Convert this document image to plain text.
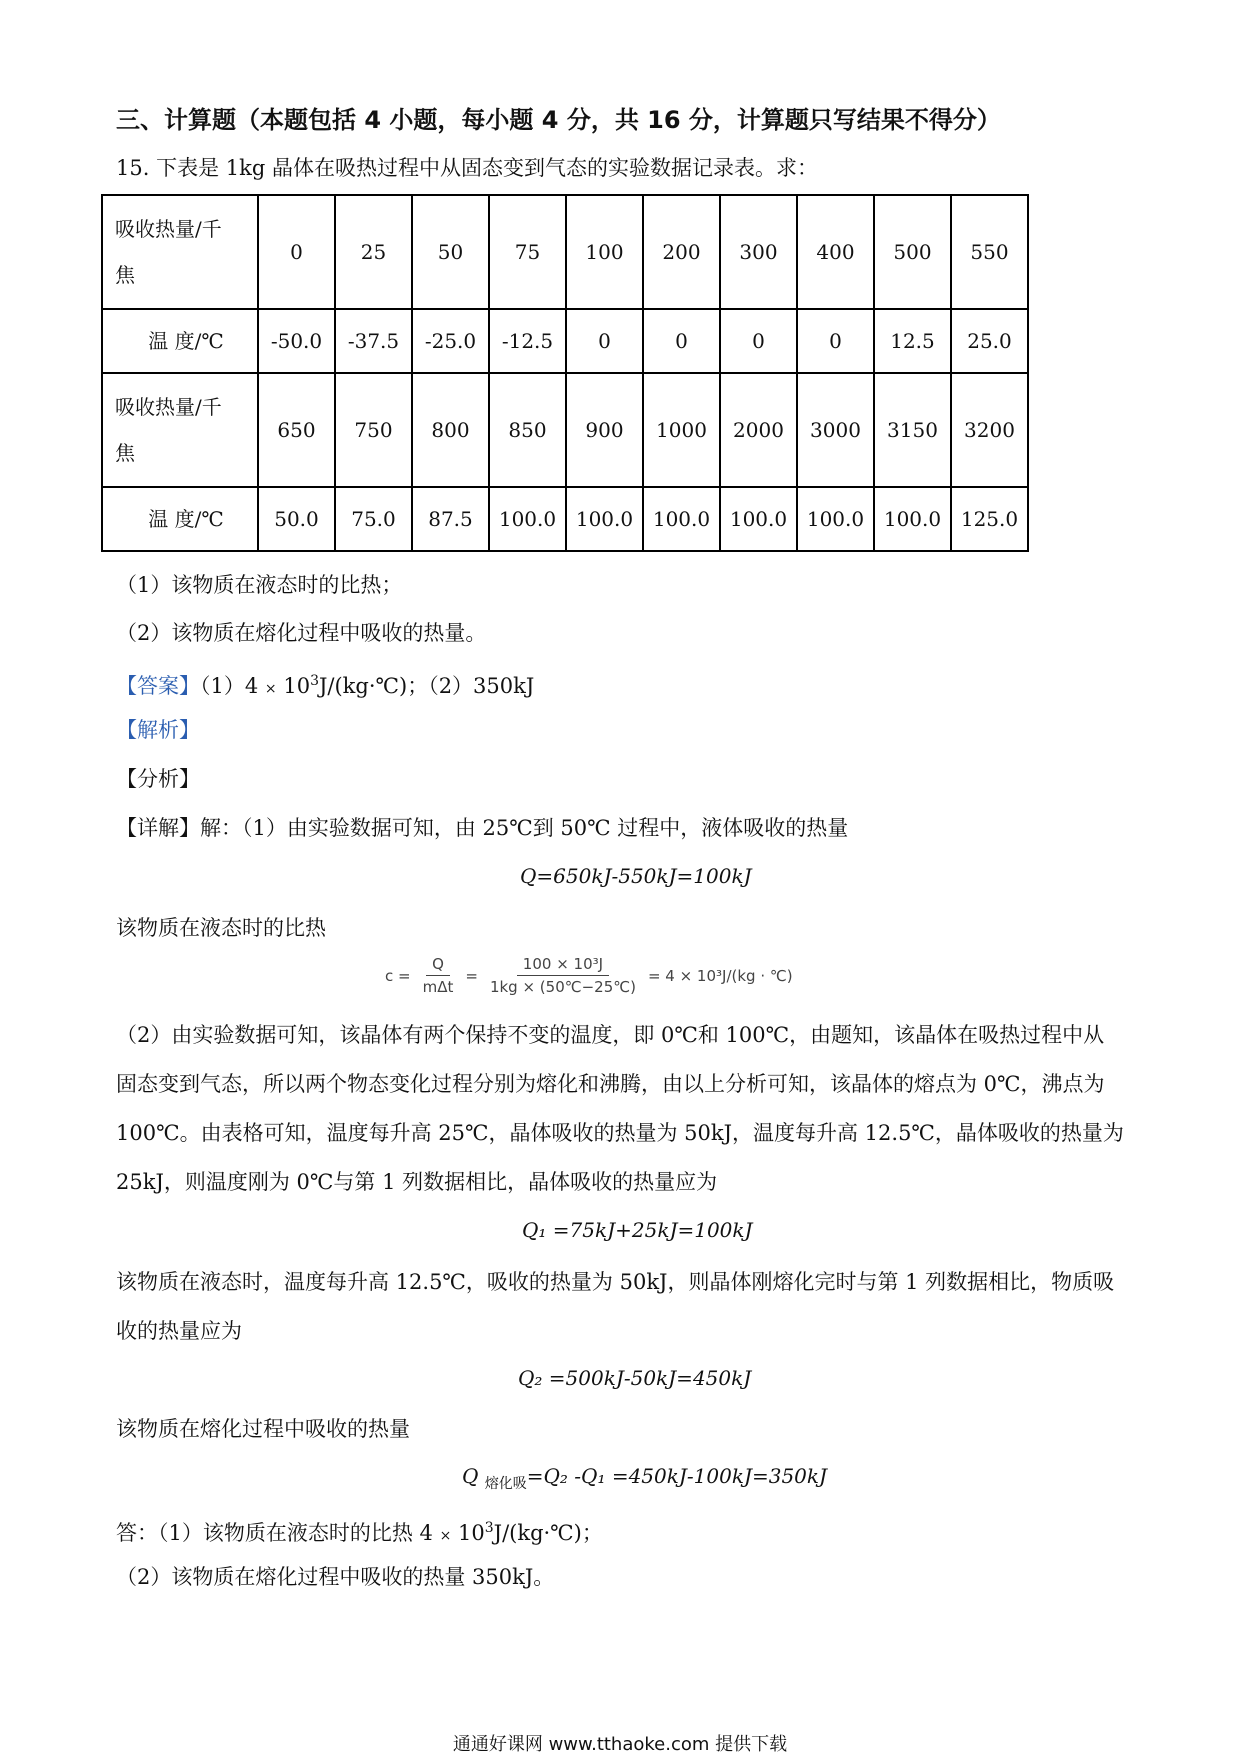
三、计算题（本题包括 4 小题，每小题 4 分，共 16 分，计算题只写结果不得分）
15. 下表是 1kg 晶体在吸热过程中从固态变到气态的实验数据记录表。求：
吸收热量/千
焦	0	25	50	75	100	200	300	400	500	550
温 度/℃	-50.0	-37.5	-25.0	-12.5	0	0	0	0	12.5	25.0

吸收热量/千
焦	650	750	800	850	900	1000	2000	3000	3150	3200
温 度/℃	50.0	75.0	87.5	100.0	100.0	100.0	100.0	100.0	100.0	125.0
（1）该物质在液态时的比热；
（2）该物质在熔化过程中吸收的热量。
【答案】$(1)4 \times 10^3J/(kg\cdot℃)$；（2）350kJ
【解析】
【分析】
【详解】解：（1）由实验数据可知，由 25℃到 50℃ 过程中，液体吸收的热量
Q=650kJ-550kJ=100kJ
该物质在液态时的比热
$c = \frac{Q}{\text{mΔt}} = \frac{\text{100 × 10³J}}{1kg \times (50℃-25℃)} = 4 \times 10^3J/(kg$ · ℃)
（2）由实验数据可知，该晶体有两个保持不变的温度，即 0℃和 100℃，由题知，该晶体在吸热过程中从
固态变到气态，所以两个物态变化过程分别为熔化和沸腾，由以上分析可知，该晶体的熔点为 0℃，沸点为
100℃。由表格可知，温度每升高 25℃，晶体吸收的热量为 50kJ，温度每升高 12.5℃，晶体吸收的热量为
25kJ，则温度刚为 0℃与第 1 列数据相比，晶体吸收的热量应为
Q₁ =75kJ+25kJ=100kJ
该物质在液态时，温度每升高 12.5℃，吸收的热量为 50kJ，则晶体刚熔化完时与第 1 列数据相比，物质吸
收的热量应为
Q₂ =500kJ-50kJ=450kJ
该物质在熔化过程中吸收的热量
Q $_{熔化吸}$=Q₂ -Q₁ =450kJ-100kJ=350kJ
答：（1）该物质在液态时的比热 $4 \times 10^3J/(kg\cdot℃)$；
（2）该物质在熔化过程中吸收的热量 350kJ。
通通好课网 www.tthaoke.com 提供下载
